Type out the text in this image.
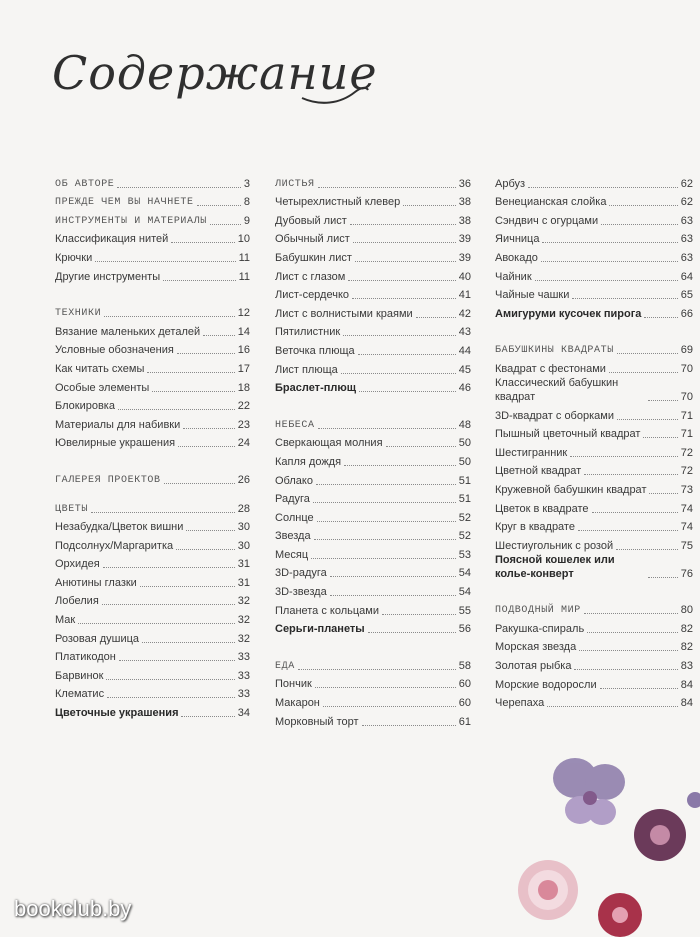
Содержание
ОБ АВТОРЕ	3
ПРЕЖДЕ ЧЕМ ВЫ НАЧНЕТЕ	8
ИНСТРУМЕНТЫ И МАТЕРИАЛЫ	9
Классификация нитей	10
Крючки	11
Другие инструменты	11
ТЕХНИКИ	12
Вязание маленьких деталей	14
Условные обозначения	16
Как читать схемы	17
Особые элементы	18
Блокировка	22
Материалы для набивки	23
Ювелирные украшения	24
ГАЛЕРЕЯ ПРОЕКТОВ	26
ЦВЕТЫ	28
Незабудка/Цветок вишни	30
Подсолнух/Маргаритка	30
Орхидея	31
Анютины глазки	31
Лобелия	32
Мак	32
Розовая душица	32
Платикодон	33
Барвинок	33
Клематис	33
Цветочные украшения	34
ЛИСТЬЯ	36
Четырехлистный клевер	38
Дубовый лист	38
Обычный лист	39
Бабушкин лист	39
Лист с глазом	40
Лист-сердечко	41
Лист с волнистыми краями	42
Пятилистник	43
Веточка плюща	44
Лист плюща	45
Браслет-плющ	46
НЕБЕСА	48
Сверкающая молния	50
Капля дождя	50
Облако	51
Радуга	51
Солнце	52
Звезда	52
Месяц	53
3D-радуга	54
3D-звезда	54
Планета с кольцами	55
Серьги-планеты	56
ЕДА	58
Пончик	60
Макарон	60
Морковный торт	61
Арбуз	62
Венецианская слойка	62
Сэндвич с огурцами	63
Яичница	63
Авокадо	63
Чайник	64
Чайные чашки	65
Амигуруми кусочек пирога	66
БАБУШКИНЫ КВАДРАТЫ	69
Квадрат с фестонами	70
Классический бабушкин квадрат	70
3D-квадрат с оборками	71
Пышный цветочный квадрат	71
Шестигранник	72
Цветной квадрат	72
Кружевной бабушкин квадрат	73
Цветок в квадрате	74
Круг в квадрате	74
Шестиугольник с розой	75
Поясной кошелек или колье-конверт	76
ПОДВОДНЫЙ МИР	80
Ракушка-спираль	82
Морская звезда	82
Золотая рыбка	83
Морские водоросли	84
Черепаха	84
bookclub.by
